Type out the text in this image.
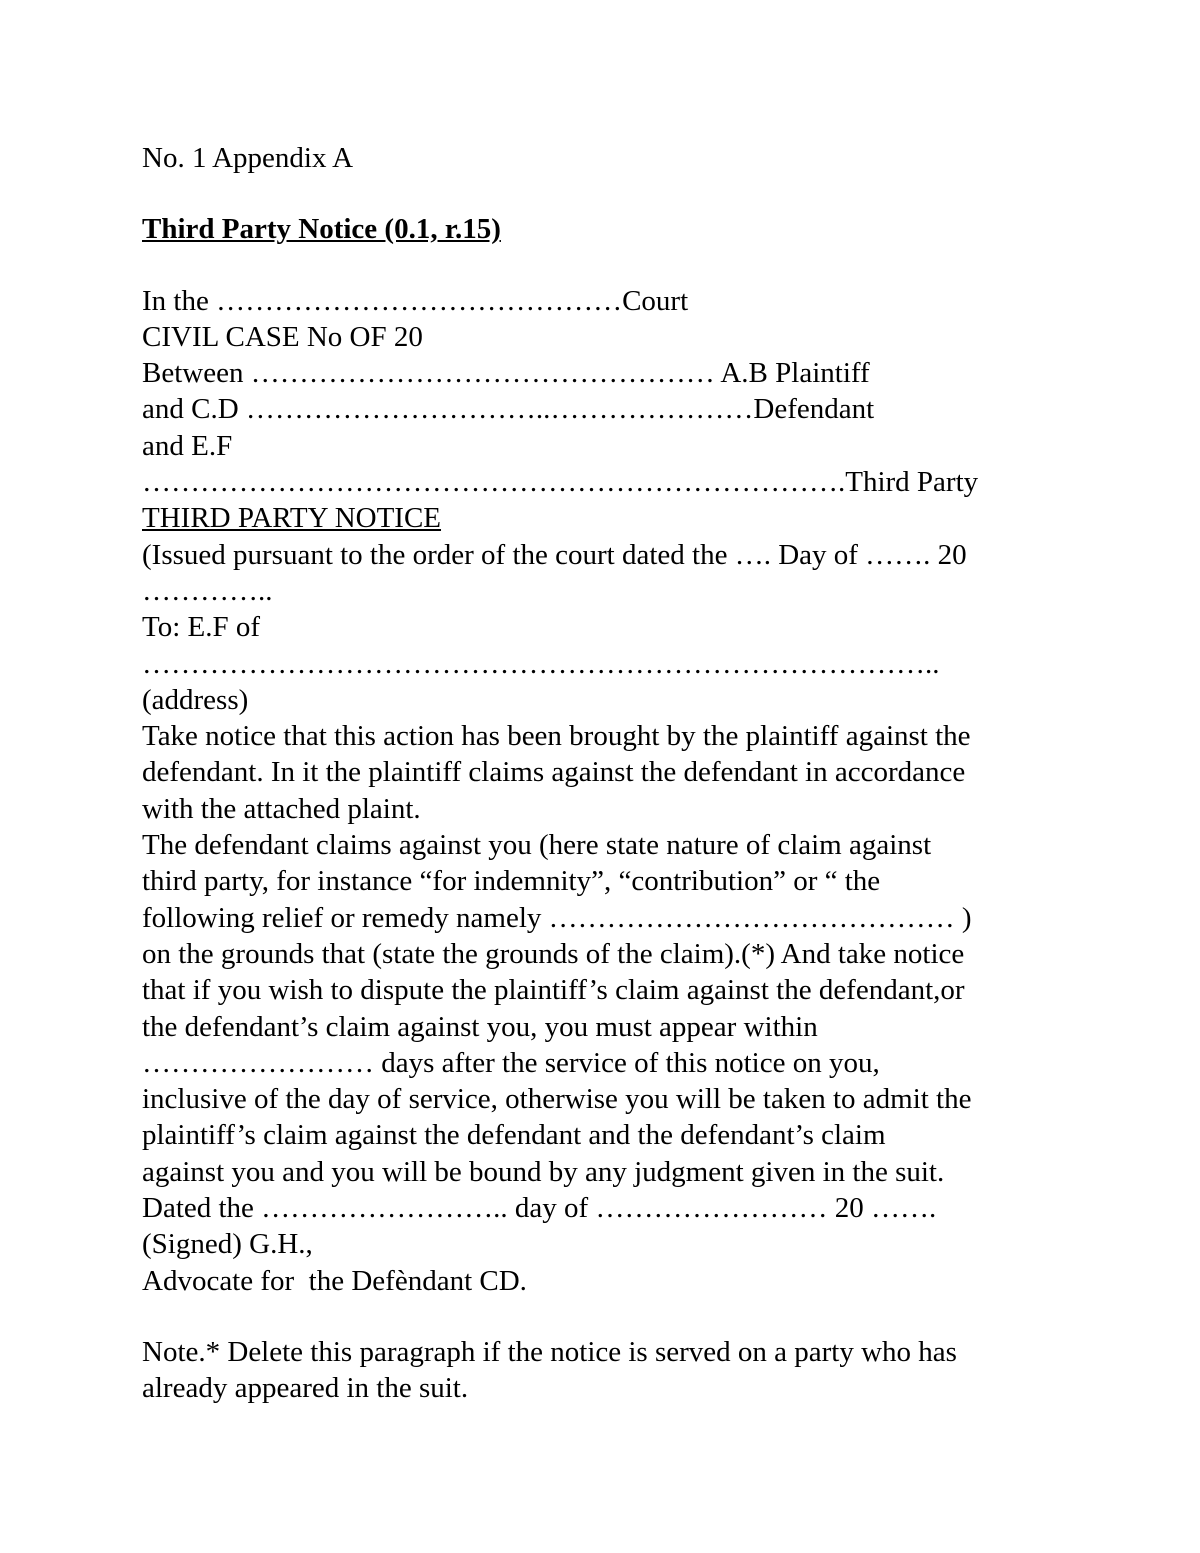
No. 1 Appendix A
Third Party Notice (0.1, r.15)
In the ……………………………………Court
CIVIL CASE No OF 20
Between ………………………………………… A.B Plaintiff
and C.D …………………………..…………………Defendant
and E.F
……………………………………………………………….Third Party
THIRD PARTY NOTICE
(Issued pursuant to the order of the court dated the …. Day of ……. 20
…………..
To: E.F of
………………………………………………………………………..
(address)
Take notice that this action has been brought by the plaintiff against the
defendant. In it the plaintiff claims against the defendant in accordance
with the attached plaint.
The defendant claims against you (here state nature of claim against
third party, for instance “for indemnity”, “contribution” or “ the
following relief or remedy namely …………………………………… )
on the grounds that (state the grounds of the claim).(*) And take notice
that if you wish to dispute the plaintiff’s claim against the defendant,or
the defendant’s claim against you, you must appear within
…………………… days after the service of this notice on you,
inclusive of the day of service, otherwise you will be taken to admit the
plaintiff’s claim against the defendant and the defendant’s claim
against you and you will be bound by any judgment given in the suit.
Dated the …………………….. day of …………………… 20 …….
(Signed) G.H.,
Advocate for  the Defèndant CD.
Note.* Delete this paragraph if the notice is served on a party who has
already appeared in the suit.
